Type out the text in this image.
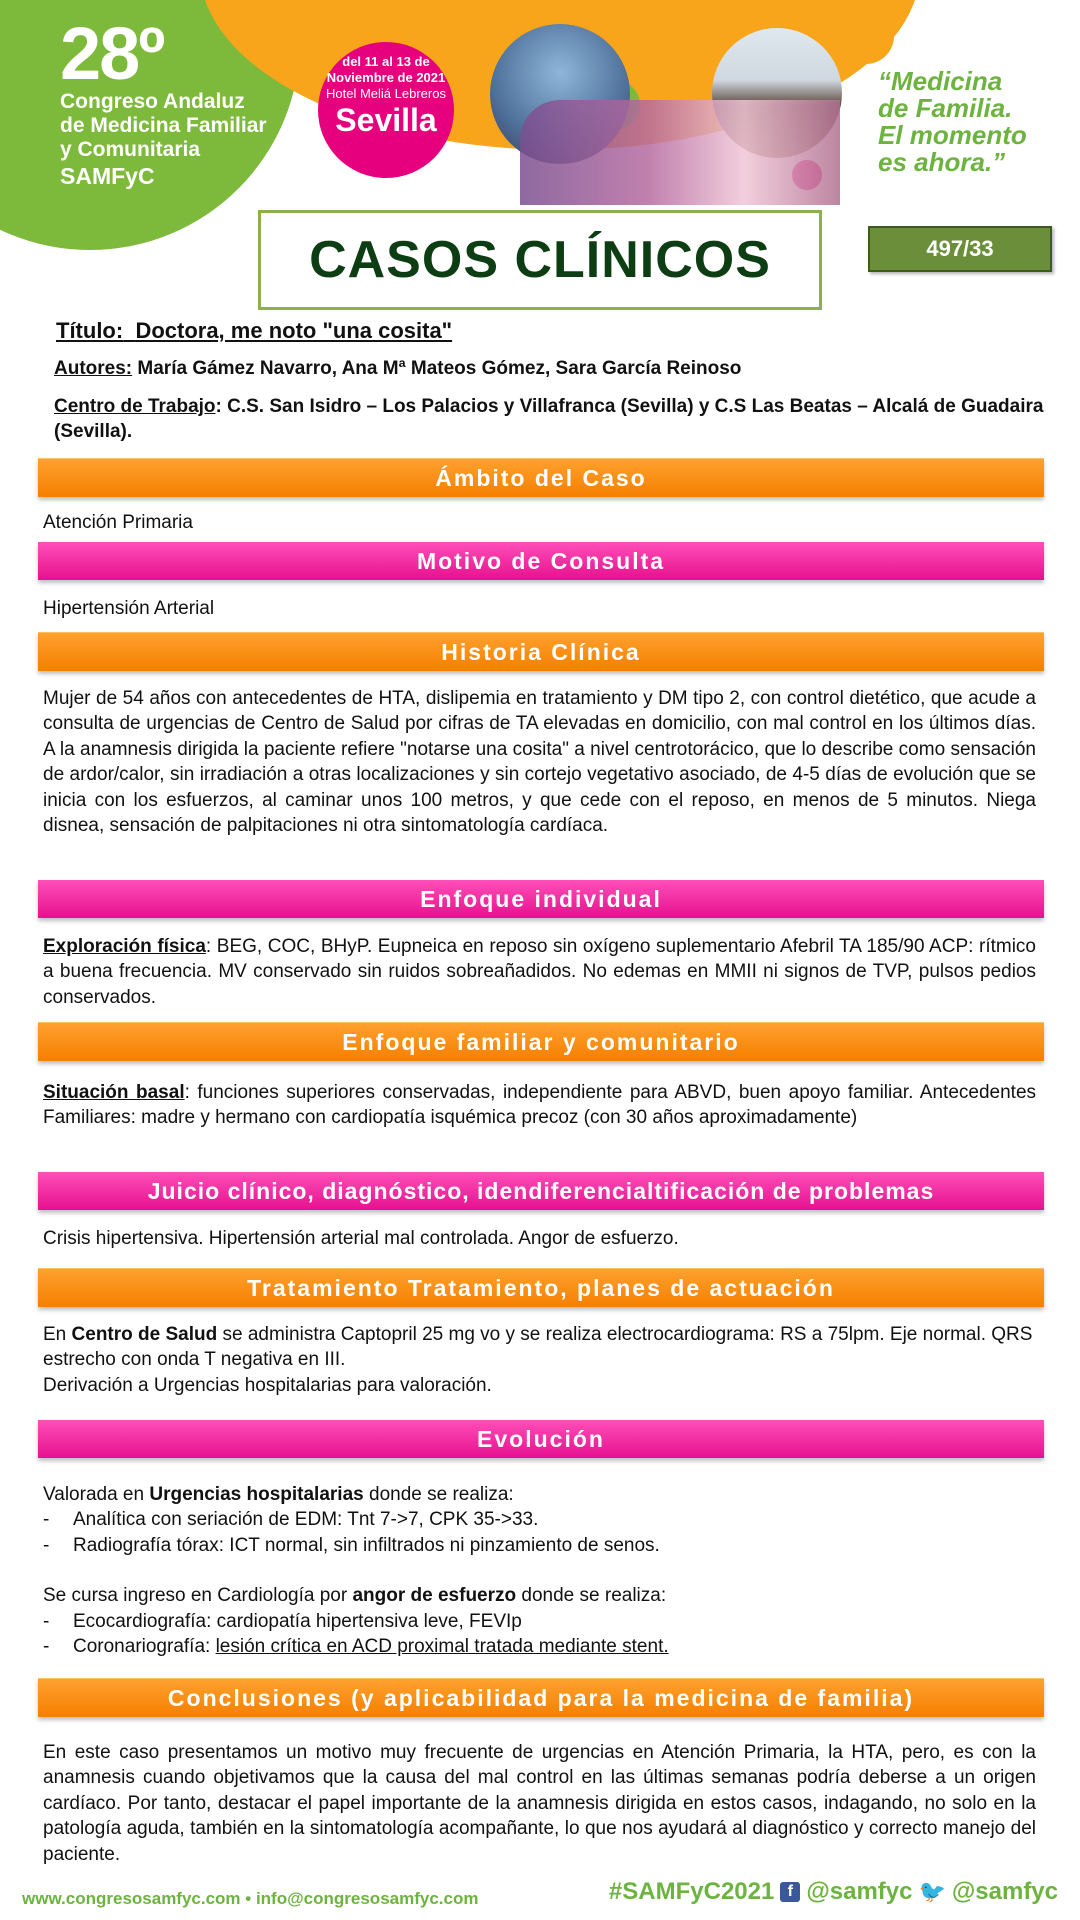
28º
Congreso Andaluz
de Medicina Familiar
y Comunitaria
SAMFyC
del 11 al 13 de
Noviembre de 2021
Hotel Meliá Lebreros
Sevilla
“Medicina
de Familia.
El momento
es ahora.”
CASOS CLÍNICOS	497/33
Título: Doctora, me noto "una cosita"
Autores: María Gámez Navarro, Ana Mª Mateos Gómez, Sara García Reinoso
Centro de Trabajo: C.S. San Isidro – Los Palacios y Villafranca (Sevilla) y C.S Las Beatas – Alcalá de Guadaira (Sevilla).
Ámbito del Caso
Atención Primaria
Motivo de Consulta
Hipertensión Arterial
Historia Clínica
Mujer de 54 años con antecedentes de HTA, dislipemia en tratamiento y DM tipo 2, con control dietético, que acude a consulta de urgencias de Centro de Salud por cifras de TA elevadas en domicilio, con mal control en los últimos días. A la anamnesis dirigida la paciente refiere "notarse una cosita" a nivel centrotorácico, que lo describe como sensación de ardor/calor, sin irradiación a otras localizaciones y sin cortejo vegetativo asociado, de 4-5 días de evolución que se inicia con los esfuerzos, al caminar unos 100 metros, y que cede con el reposo, en menos de 5 minutos. Niega disnea, sensación de palpitaciones ni otra sintomatología cardíaca.
Enfoque individual
Exploración física: BEG, COC, BHyP. Eupneica en reposo sin oxígeno suplementario Afebril TA 185/90 ACP: rítmico a buena frecuencia. MV conservado sin ruidos sobreañadidos. No edemas en MMII ni signos de TVP, pulsos pedios conservados.
Enfoque familiar y comunitario
Situación basal: funciones superiores conservadas, independiente para ABVD, buen apoyo familiar. Antecedentes Familiares: madre y hermano con cardiopatía isquémica precoz (con 30 años aproximadamente)
Juicio clínico, diagnóstico, idendiferencialtificación de problemas
Crisis hipertensiva. Hipertensión arterial mal controlada. Angor de esfuerzo.
Tratamiento Tratamiento, planes de actuación
En Centro de Salud se administra Captopril 25 mg vo y se realiza electrocardiograma: RS a 75lpm. Eje normal. QRS estrecho con onda T negativa en III.
Derivación a Urgencias hospitalarias para valoración.
Evolución
Valorada en Urgencias hospitalarias donde se realiza:
-	Analítica con seriación de EDM: Tnt 7->7, CPK 35->33.
-	Radiografía tórax: ICT normal, sin infiltrados ni pinzamiento de senos.
Se cursa ingreso en Cardiología por angor de esfuerzo donde se realiza:
-	Ecocardiografía: cardiopatía hipertensiva leve, FEVIp
-	Coronariografía: lesión crítica en ACD proximal tratada mediante stent.
Conclusiones (y aplicabilidad para la medicina de familia)
En este caso presentamos un motivo muy frecuente de urgencias en Atención Primaria, la HTA, pero, es con la anamnesis cuando objetivamos que la causa del mal control en las últimas semanas podría deberse a un origen cardíaco. Por tanto, destacar el papel importante de la anamnesis dirigida en estos casos, indagando, no solo en la patología aguda, también en la sintomatología acompañante, lo que nos ayudará al diagnóstico y correcto manejo del paciente.
www.congresosamfyc.com • info@congresosamfyc.com	#SAMFyC2021 f @samfyc 🐦 @samfyc
